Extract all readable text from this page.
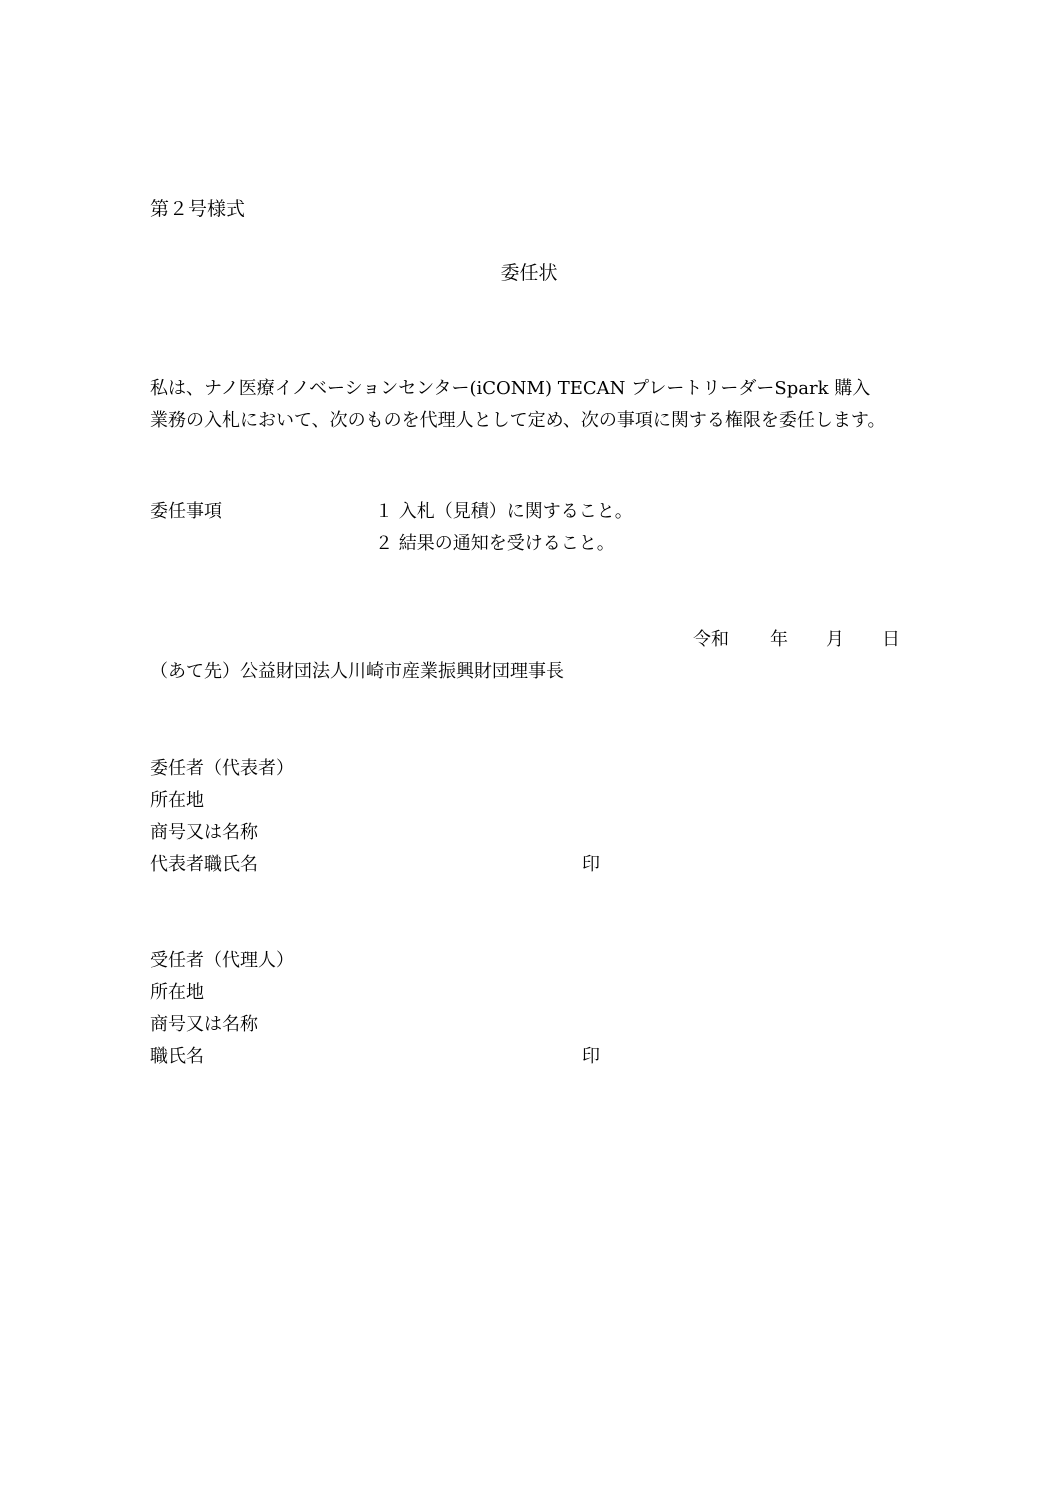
第２号様式
委任状
私は、ナノ医療イノベーションセンター(iCONM) TECAN プレートリーダーSpark 購入
業務の入札において、次のものを代理人として定め、次の事項に関する権限を委任します。
委任事項	１ 入札（見積）に関すること。
２ 結果の通知を受けること。
令和	年	月	日
（あて先）公益財団法人川崎市産業振興財団理事長
委任者（代表者）
所在地
商号又は名称
代表者職氏名	印
受任者（代理人）
所在地
商号又は名称
職氏名	印
